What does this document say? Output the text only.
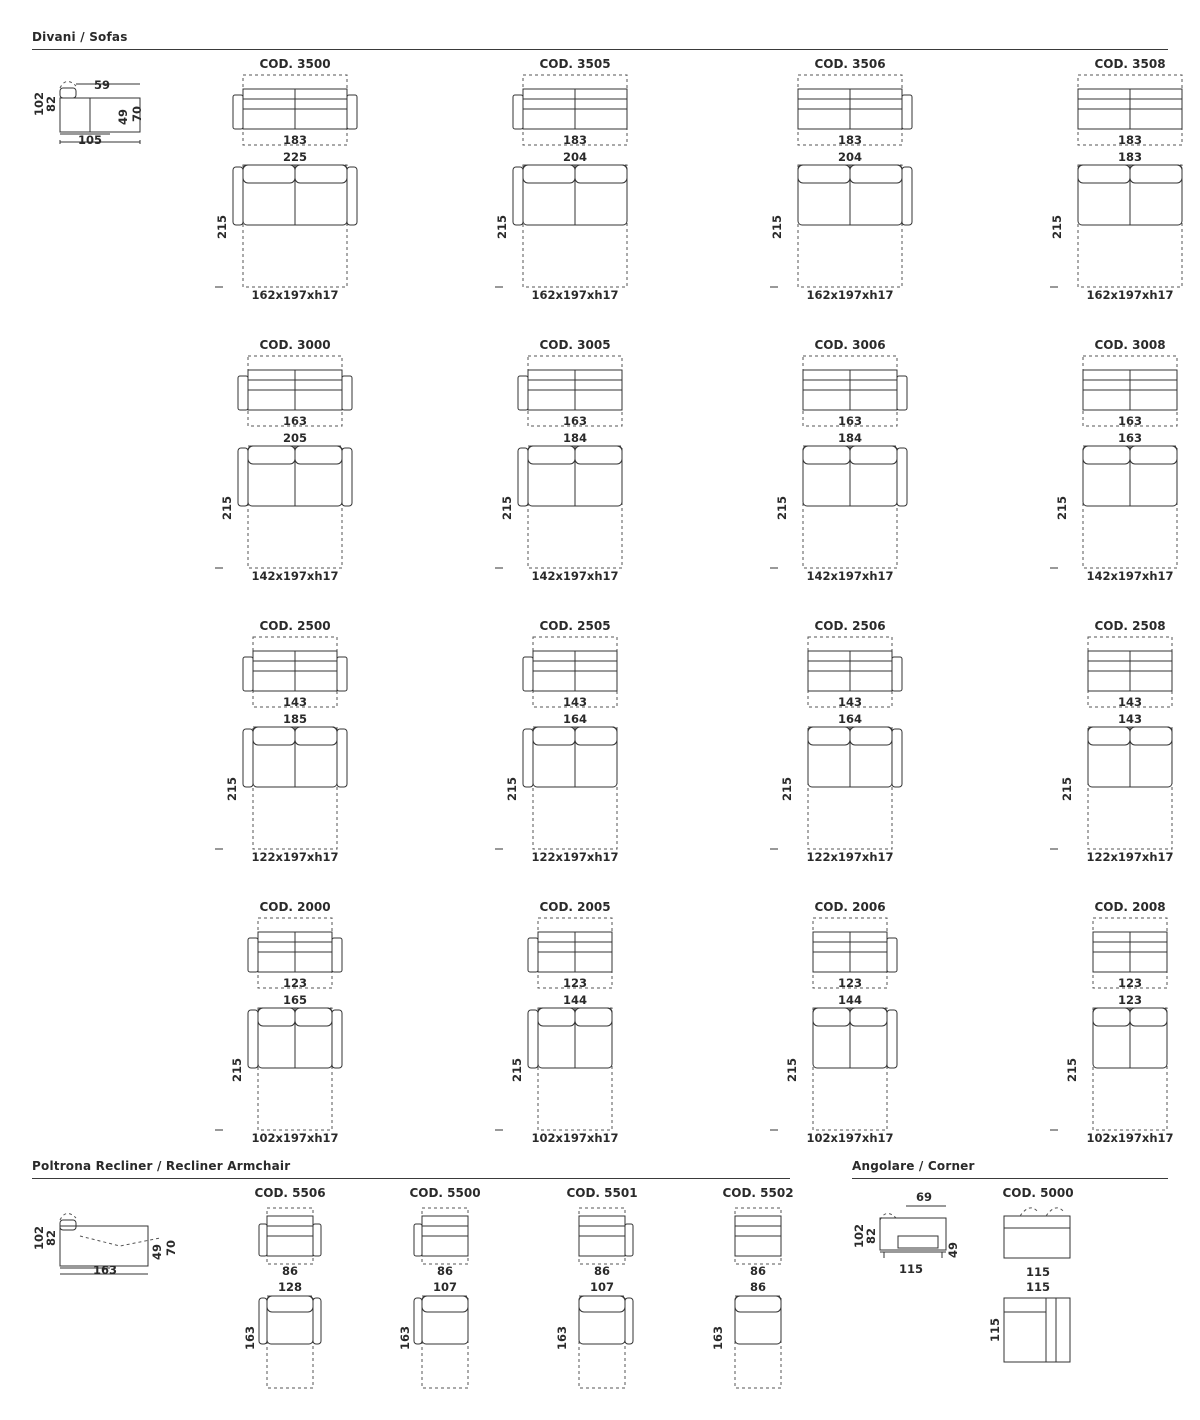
Divani / Sofas
Poltrona Recliner / Recliner Armchair	Angolare / Corner
59
102
82
49 70
105
COD. 3500
183
225
215
162x197xh17
COD. 3505
183
204
215
162x197xh17
COD. 3506
183
204
215
162x197xh17
COD. 3508
183
183
215
162x197xh17
COD. 3000
163
205
215
142x197xh17
COD. 3005
163
184
215
142x197xh17
COD. 3006
163
184
215
142x197xh17
COD. 3008
163
163
215
142x197xh17
COD. 2500
143
185
215
122x197xh17
COD. 2505
143
164
215
122x197xh17
COD. 2506
143
164
215
122x197xh17
COD. 2508
143
143
215
122x197xh17
COD. 2000
123
165
215
102x197xh17
COD. 2005
123
144
215
102x197xh17
COD. 2006
123
144
215
102x197xh17
COD. 2008
123
123
215
102x197xh17
102
82
49 70
163
COD. 5506
86
128
163
COD. 5500
86
107
163
COD. 5501
86
107
163
COD. 5502
86
86
163
69
102
82
49
115
COD. 5000
115
115
115
